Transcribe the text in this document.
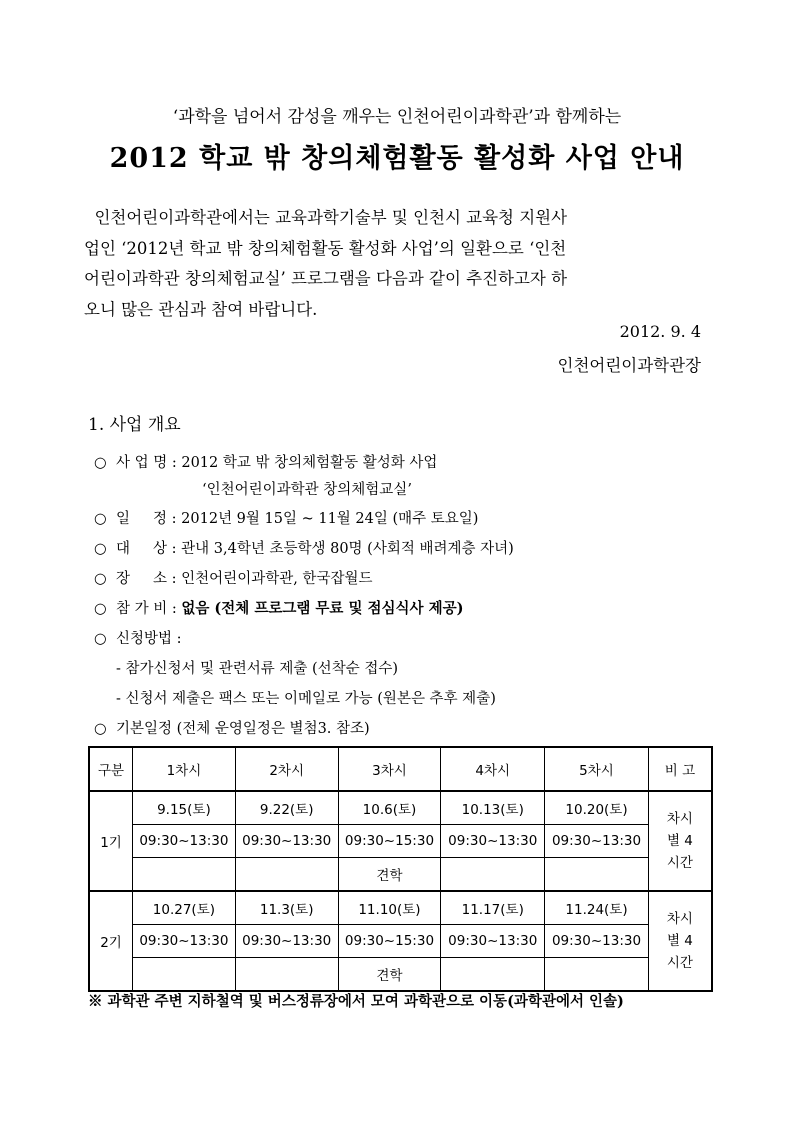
‘과학을 넘어서 감성을 깨우는 인천어린이과학관’과 함께하는
2012 학교 밖 창의체험활동 활성화 사업 안내

인천어린이과학관에서는 교육과학기술부 및 인천시 교육청 지원사

업인 ‘2012년 학교 밖 창의체험활동 활성화 사업’의 일환으로 ‘인천

어린이과학관 창의체험교실’ 프로그램을 다음과 같이 추진하고자 하

오니 많은 관심과 참여 바랍니다.

2012. 9. 4
인천어린이과학관장
1. 사업 개요
○ 사 업 명 : 2012 학교 밖 창의체험활동 활성화 사업
‘인천어린이과학관 창의체험교실’
○ 일     정 : 2012년 9월 15일 ~ 11월 24일 (매주 토요일)
○ 대     상 : 관내 3,4학년 초등학생 80명 (사회적 배려계층 자녀)
○ 장     소 : 인천어린이과학관, 한국잡월드
○ 참 가 비 : 없음 (전체 프로그램 무료 및 점심식사 제공)
○ 신청방법 :
- 참가신청서 및 관련서류 제출 (선착순 접수)
- 신청서 제출은 팩스 또는 이메일로 가능 (원본은 추후 제출)
○ 기본일정 (전체 운영일정은 별첨3. 참조)
구분	1차시	2차시	3차시	4차시	5차시	비 고
1기	9.15(토)	9.22(토)	10.6(토)	10.13(토)	10.20(토)	차시별 4시간
	09:30~13:30	09:30~13:30	09:30~15:30	09:30~13:30	09:30~13:30	
			견학			
2기	10.27(토)	11.3(토)	11.10(토)	11.17(토)	11.24(토)	차시별 4시간
	09:30~13:30	09:30~13:30	09:30~15:30	09:30~13:30	09:30~13:30	
			견학			
※ 과학관 주변 지하철역 및 버스정류장에서 모여 과학관으로 이동(과학관에서 인솔)
